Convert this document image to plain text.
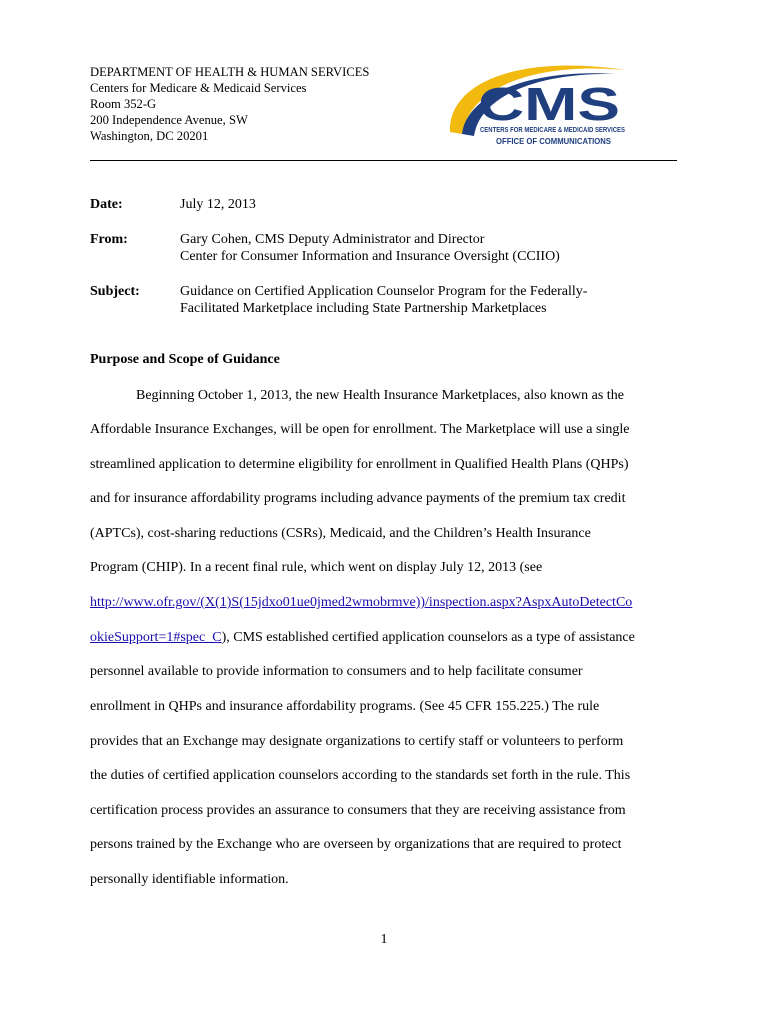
DEPARTMENT OF HEALTH & HUMAN SERVICES
Centers for Medicare & Medicaid Services
Room 352-G
200 Independence Avenue, SW
Washington, DC 20201
CMS
CENTERS FOR MEDICARE & MEDICAID SERVICES
OFFICE OF COMMUNICATIONS
Date:	July 12, 2013
From:	Gary Cohen, CMS Deputy Administrator and Director
Center for Consumer Information and Insurance Oversight (CCIIO)
Subject:	Guidance on Certified Application Counselor Program for the Federally-
Facilitated Marketplace including State Partnership Marketplaces
Purpose and Scope of Guidance
Beginning October 1, 2013, the new Health Insurance Marketplaces, also known as the
Affordable Insurance Exchanges, will be open for enrollment. The Marketplace will use a single
streamlined application to determine eligibility for enrollment in Qualified Health Plans (QHPs)
and for insurance affordability programs including advance payments of the premium tax credit
(APTCs), cost-sharing reductions (CSRs), Medicaid, and the Children’s Health Insurance
Program (CHIP). In a recent final rule, which went on display July 12, 2013 (see
http://www.ofr.gov/(X(1)S(15jdxo01ue0jmed2wmobrmve))/inspection.aspx?AspxAutoDetectCo
okieSupport=1#spec_C), CMS established certified application counselors as a type of assistance
personnel available to provide information to consumers and to help facilitate consumer
enrollment in QHPs and insurance affordability programs. (See 45 CFR 155.225.) The rule
provides that an Exchange may designate organizations to certify staff or volunteers to perform
the duties of certified application counselors according to the standards set forth in the rule. This
certification process provides an assurance to consumers that they are receiving assistance from
persons trained by the Exchange who are overseen by organizations that are required to protect
personally identifiable information.
1
